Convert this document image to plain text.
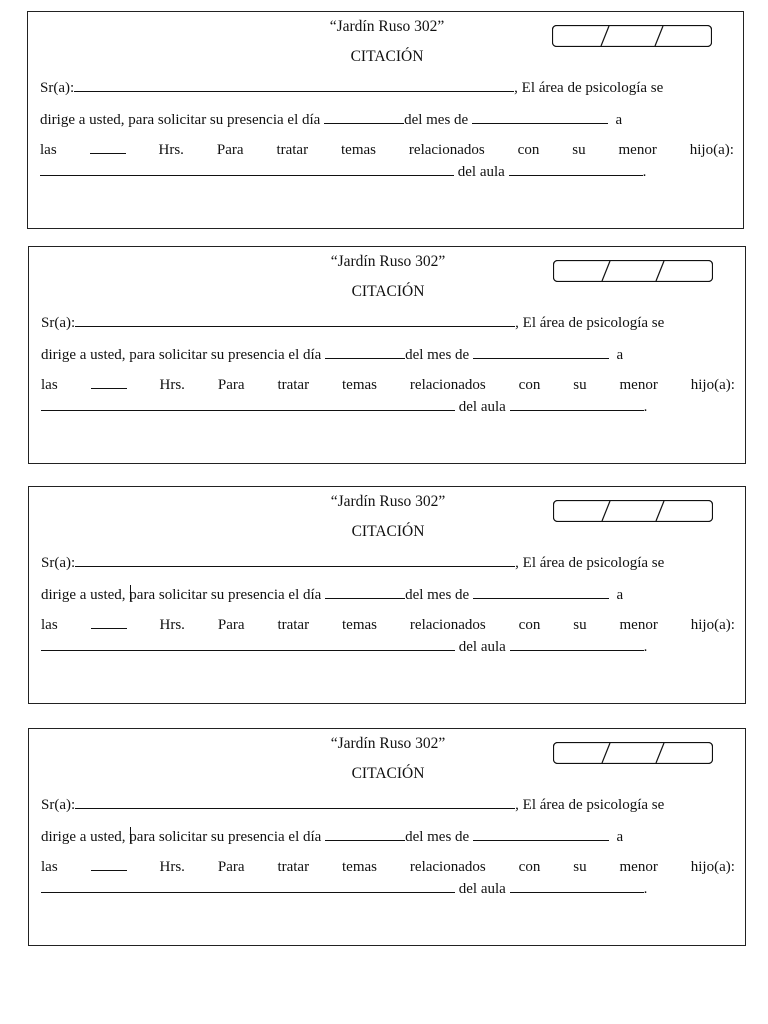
“Jardín Ruso 302”
CITACIÓN
Sr(a):	, El área de psicología se
dirige a usted, para solicitar su presencia el día	del mes de	a
las	Hrs. Para tratar temas relacionados con su menor hijo(a):
del aula	.
“Jardín Ruso 302”
CITACIÓN
Sr(a):	, El área de psicología se
dirige a usted, para solicitar su presencia el día	del mes de	a
las	Hrs. Para tratar temas relacionados con su menor hijo(a):
del aula	.
“Jardín Ruso 302”
CITACIÓN
Sr(a):	, El área de psicología se
dirige a usted, para solicitar su presencia el día	del mes de	a
las	Hrs. Para tratar temas relacionados con su menor hijo(a):
del aula	.
“Jardín Ruso 302”
CITACIÓN
Sr(a):	, El área de psicología se
dirige a usted, para solicitar su presencia el día	del mes de	a
las	Hrs. Para tratar temas relacionados con su menor hijo(a):
del aula	.
